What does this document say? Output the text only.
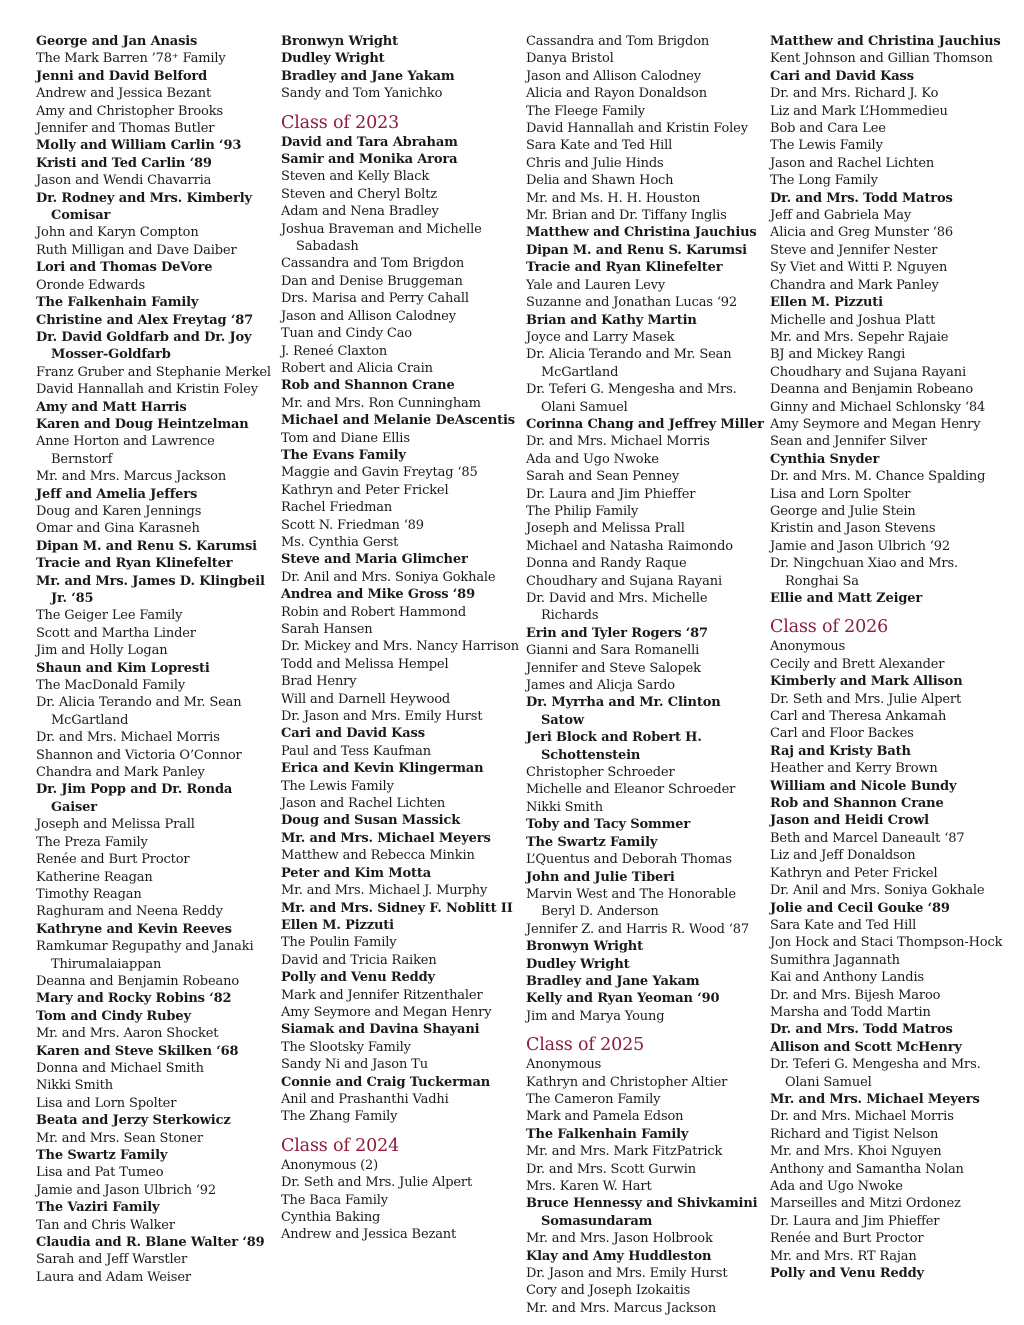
George and Jan Anasis
The Mark Barren ’78⁺ Family
Jenni and David Belford
Andrew and Jessica Bezant
Amy and Christopher Brooks
Jennifer and Thomas Butler
Molly and William Carlin ‘93
Kristi and Ted Carlin ‘89
Jason and Wendi Chavarria
Dr. Rodney and Mrs. Kimberly Comisar
John and Karyn Compton
Ruth Milligan and Dave Daiber
Lori and Thomas DeVore
Oronde Edwards
The Falkenhain Family
Christine and Alex Freytag ‘87
Dr. David Goldfarb and Dr. Joy Mosser-Goldfarb
Franz Gruber and Stephanie Merkel
David Hannallah and Kristin Foley
Amy and Matt Harris
Karen and Doug Heintzelman
Anne Horton and Lawrence Bernstorf
Mr. and Mrs. Marcus Jackson
Jeff and Amelia Jeffers
Doug and Karen Jennings
Omar and Gina Karasneh
Dipan M. and Renu S. Karumsi
Tracie and Ryan Klinefelter
Mr. and Mrs. James D. Klingbeil Jr. ‘85
The Geiger Lee Family
Scott and Martha Linder
Jim and Holly Logan
Shaun and Kim Lopresti
The MacDonald Family
Dr. Alicia Terando and Mr. Sean McGartland
Dr. and Mrs. Michael Morris
Shannon and Victoria O’Connor
Chandra and Mark Panley
Dr. Jim Popp and Dr. Ronda Gaiser
Joseph and Melissa Prall
The Preza Family
Renée and Burt Proctor
Katherine Reagan
Timothy Reagan
Raghuram and Neena Reddy
Kathryne and Kevin Reeves
Ramkumar Regupathy and Janaki Thirumalaiappan
Deanna and Benjamin Robeano
Mary and Rocky Robins ‘82
Tom and Cindy Rubey
Mr. and Mrs. Aaron Shocket
Karen and Steve Skilken ‘68
Donna and Michael Smith
Nikki Smith
Lisa and Lorn Spolter
Beata and Jerzy Sterkowicz
Mr. and Mrs. Sean Stoner
The Swartz Family
Lisa and Pat Tumeo
Jamie and Jason Ulbrich ‘92
The Vaziri Family
Tan and Chris Walker
Claudia and R. Blane Walter ‘89
Sarah and Jeff Warstler
Laura and Adam Weiser
Bronwyn Wright
Dudley Wright
Bradley and Jane Yakam
Sandy and Tom Yanichko
Class of 2023
David and Tara Abraham
Samir and Monika Arora
Steven and Kelly Black
Steven and Cheryl Boltz
Adam and Nena Bradley
Joshua Braveman and Michelle Sabadash
Cassandra and Tom Brigdon
Dan and Denise Bruggeman
Drs. Marisa and Perry Cahall
Jason and Allison Calodney
Tuan and Cindy Cao
J. Reneé Claxton
Robert and Alicia Crain
Rob and Shannon Crane
Mr. and Mrs. Ron Cunningham
Michael and Melanie DeAscentis
Tom and Diane Ellis
The Evans Family
Maggie and Gavin Freytag ‘85
Kathryn and Peter Frickel
Rachel Friedman
Scott N. Friedman ‘89
Ms. Cynthia Gerst
Steve and Maria Glimcher
Dr. Anil and Mrs. Soniya Gokhale
Andrea and Mike Gross ‘89
Robin and Robert Hammond
Sarah Hansen
Dr. Mickey and Mrs. Nancy Harrison
Todd and Melissa Hempel
Brad Henry
Will and Darnell Heywood
Dr. Jason and Mrs. Emily Hurst
Cari and David Kass
Paul and Tess Kaufman
Erica and Kevin Klingerman
The Lewis Family
Jason and Rachel Lichten
Doug and Susan Massick
Mr. and Mrs. Michael Meyers
Matthew and Rebecca Minkin
Peter and Kim Motta
Mr. and Mrs. Michael J. Murphy
Mr. and Mrs. Sidney F. Noblitt II
Ellen M. Pizzuti
The Poulin Family
David and Tricia Raiken
Polly and Venu Reddy
Mark and Jennifer Ritzenthaler
Amy Seymore and Megan Henry
Siamak and Davina Shayani
The Slootsky Family
Sandy Ni and Jason Tu
Connie and Craig Tuckerman
Anil and Prashanthi Vadhi
The Zhang Family
Class of 2024
Anonymous (2)
Dr. Seth and Mrs. Julie Alpert
The Baca Family
Cynthia Baking
Andrew and Jessica Bezant
Cassandra and Tom Brigdon
Danya Bristol
Jason and Allison Calodney
Alicia and Rayon Donaldson
The Fleege Family
David Hannallah and Kristin Foley
Sara Kate and Ted Hill
Chris and Julie Hinds
Delia and Shawn Hoch
Mr. and Ms. H. H. Houston
Mr. Brian and Dr. Tiffany Inglis
Matthew and Christina Jauchius
Dipan M. and Renu S. Karumsi
Tracie and Ryan Klinefelter
Yale and Lauren Levy
Suzanne and Jonathan Lucas ‘92
Brian and Kathy Martin
Joyce and Larry Masek
Dr. Alicia Terando and Mr. Sean McGartland
Dr. Teferi G. Mengesha and Mrs. Olani Samuel
Corinna Chang and Jeffrey Miller
Dr. and Mrs. Michael Morris
Ada and Ugo Nwoke
Sarah and Sean Penney
Dr. Laura and Jim Phieffer
The Philip Family
Joseph and Melissa Prall
Michael and Natasha Raimondo
Donna and Randy Raque
Choudhary and Sujana Rayani
Dr. David and Mrs. Michelle Richards
Erin and Tyler Rogers ‘87
Gianni and Sara Romanelli
Jennifer and Steve Salopek
James and Alicja Sardo
Dr. Myrrha and Mr. Clinton Satow
Jeri Block and Robert H. Schottenstein
Christopher Schroeder
Michelle and Eleanor Schroeder
Nikki Smith
Toby and Tacy Sommer
The Swartz Family
L’Quentus and Deborah Thomas
John and Julie Tiberi
Marvin West and The Honorable Beryl D. Anderson
Jennifer Z. and Harris R. Wood ‘87
Bronwyn Wright
Dudley Wright
Bradley and Jane Yakam
Kelly and Ryan Yeoman ‘90
Jim and Marya Young
Class of 2025
Anonymous
Kathryn and Christopher Altier
The Cameron Family
Mark and Pamela Edson
The Falkenhain Family
Mr. and Mrs. Mark FitzPatrick
Dr. and Mrs. Scott Gurwin
Mrs. Karen W. Hart
Bruce Hennessy and Shivkamini Somasundaram
Mr. and Mrs. Jason Holbrook
Klay and Amy Huddleston
Dr. Jason and Mrs. Emily Hurst
Cory and Joseph Izokaitis
Mr. and Mrs. Marcus Jackson
Matthew and Christina Jauchius
Kent Johnson and Gillian Thomson
Cari and David Kass
Dr. and Mrs. Richard J. Ko
Liz and Mark L’Hommedieu
Bob and Cara Lee
The Lewis Family
Jason and Rachel Lichten
The Long Family
Dr. and Mrs. Todd Matros
Jeff and Gabriela May
Alicia and Greg Munster ‘86
Steve and Jennifer Nester
Sy Viet and Witti P. Nguyen
Chandra and Mark Panley
Ellen M. Pizzuti
Michelle and Joshua Platt
Mr. and Mrs. Sepehr Rajaie
BJ and Mickey Rangi
Choudhary and Sujana Rayani
Deanna and Benjamin Robeano
Ginny and Michael Schlonsky ‘84
Amy Seymore and Megan Henry
Sean and Jennifer Silver
Cynthia Snyder
Dr. and Mrs. M. Chance Spalding
Lisa and Lorn Spolter
George and Julie Stein
Kristin and Jason Stevens
Jamie and Jason Ulbrich ‘92
Dr. Ningchuan Xiao and Mrs. Ronghai Sa
Ellie and Matt Zeiger
Class of 2026
Anonymous
Cecily and Brett Alexander
Kimberly and Mark Allison
Dr. Seth and Mrs. Julie Alpert
Carl and Theresa Ankamah
Carl and Floor Backes
Raj and Kristy Bath
Heather and Kerry Brown
William and Nicole Bundy
Rob and Shannon Crane
Jason and Heidi Crowl
Beth and Marcel Daneault ‘87
Liz and Jeff Donaldson
Kathryn and Peter Frickel
Dr. Anil and Mrs. Soniya Gokhale
Jolie and Cecil Gouke ‘89
Sara Kate and Ted Hill
Jon Hock and Staci Thompson-Hock
Sumithra Jagannath
Kai and Anthony Landis
Dr. and Mrs. Bijesh Maroo
Marsha and Todd Martin
Dr. and Mrs. Todd Matros
Allison and Scott McHenry
Dr. Teferi G. Mengesha and Mrs. Olani Samuel
Mr. and Mrs. Michael Meyers
Dr. and Mrs. Michael Morris
Richard and Tigist Nelson
Mr. and Mrs. Khoi Nguyen
Anthony and Samantha Nolan
Ada and Ugo Nwoke
Marseilles and Mitzi Ordonez
Dr. Laura and Jim Phieffer
Renée and Burt Proctor
Mr. and Mrs. RT Rajan
Polly and Venu Reddy
